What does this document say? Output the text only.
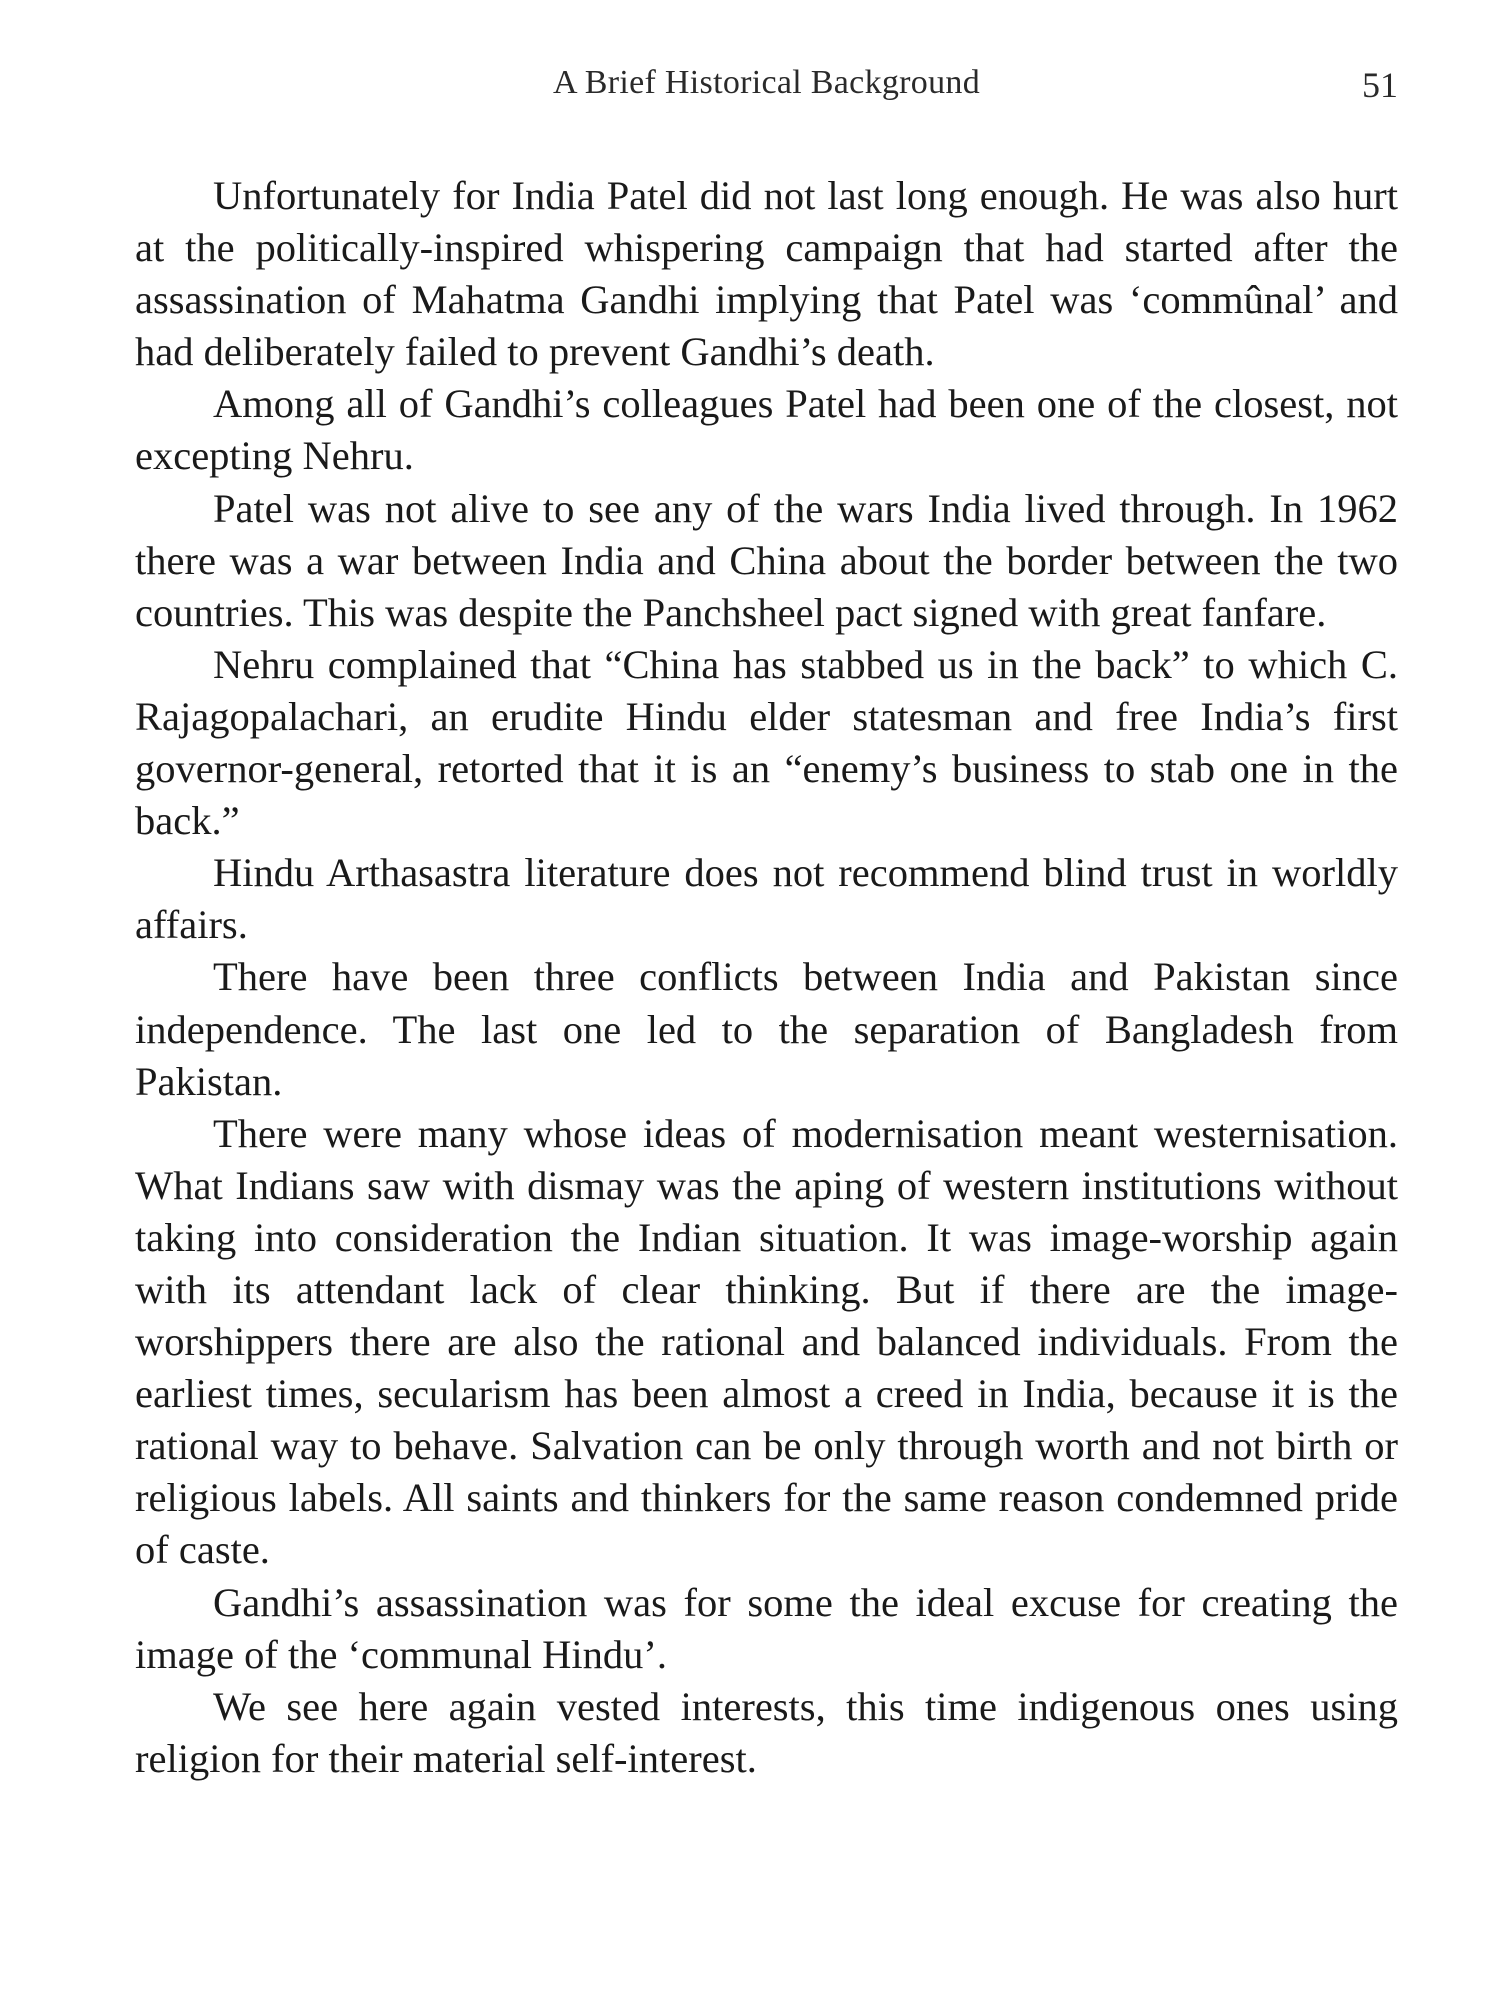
A Brief Historical Background	51

Unfortunately for India Patel did not last long enough. He was also hurt at the politically-inspired whispering campaign that had started after the assassination of Mahatma Gandhi implying that Patel was ‘commûnal’ and had deliberately failed to prevent Gandhi’s death.

Among all of Gandhi’s colleagues Patel had been one of the closest, not excepting Nehru.

Patel was not alive to see any of the wars India lived through. In 1962 there was a war between India and China about the border between the two countries. This was despite the Panchsheel pact signed with great fanfare.

Nehru complained that “China has stabbed us in the back” to which C. Rajagopalachari, an erudite Hindu elder statesman and free India’s first governor-general, retorted that it is an “enemy’s business to stab one in the back.”

Hindu Arthasastra literature does not recommend blind trust in worldly affairs.

There have been three conflicts between India and Pakistan since independence. The last one led to the separation of Bangladesh from Pakistan.

There were many whose ideas of modernisation meant westernisation. What Indians saw with dismay was the aping of western institutions without taking into consideration the Indian situation. It was image-worship again with its attendant lack of clear thinking. But if there are the image-worshippers there are also the rational and balanced individuals. From the earliest times, secularism has been almost a creed in India, because it is the rational way to behave. Salvation can be only through worth and not birth or religious labels. All saints and thinkers for the same reason condemned pride of caste.

Gandhi’s assassination was for some the ideal excuse for creating the image of the ‘communal Hindu’.

We see here again vested interests, this time indigenous ones using religion for their material self-interest.
